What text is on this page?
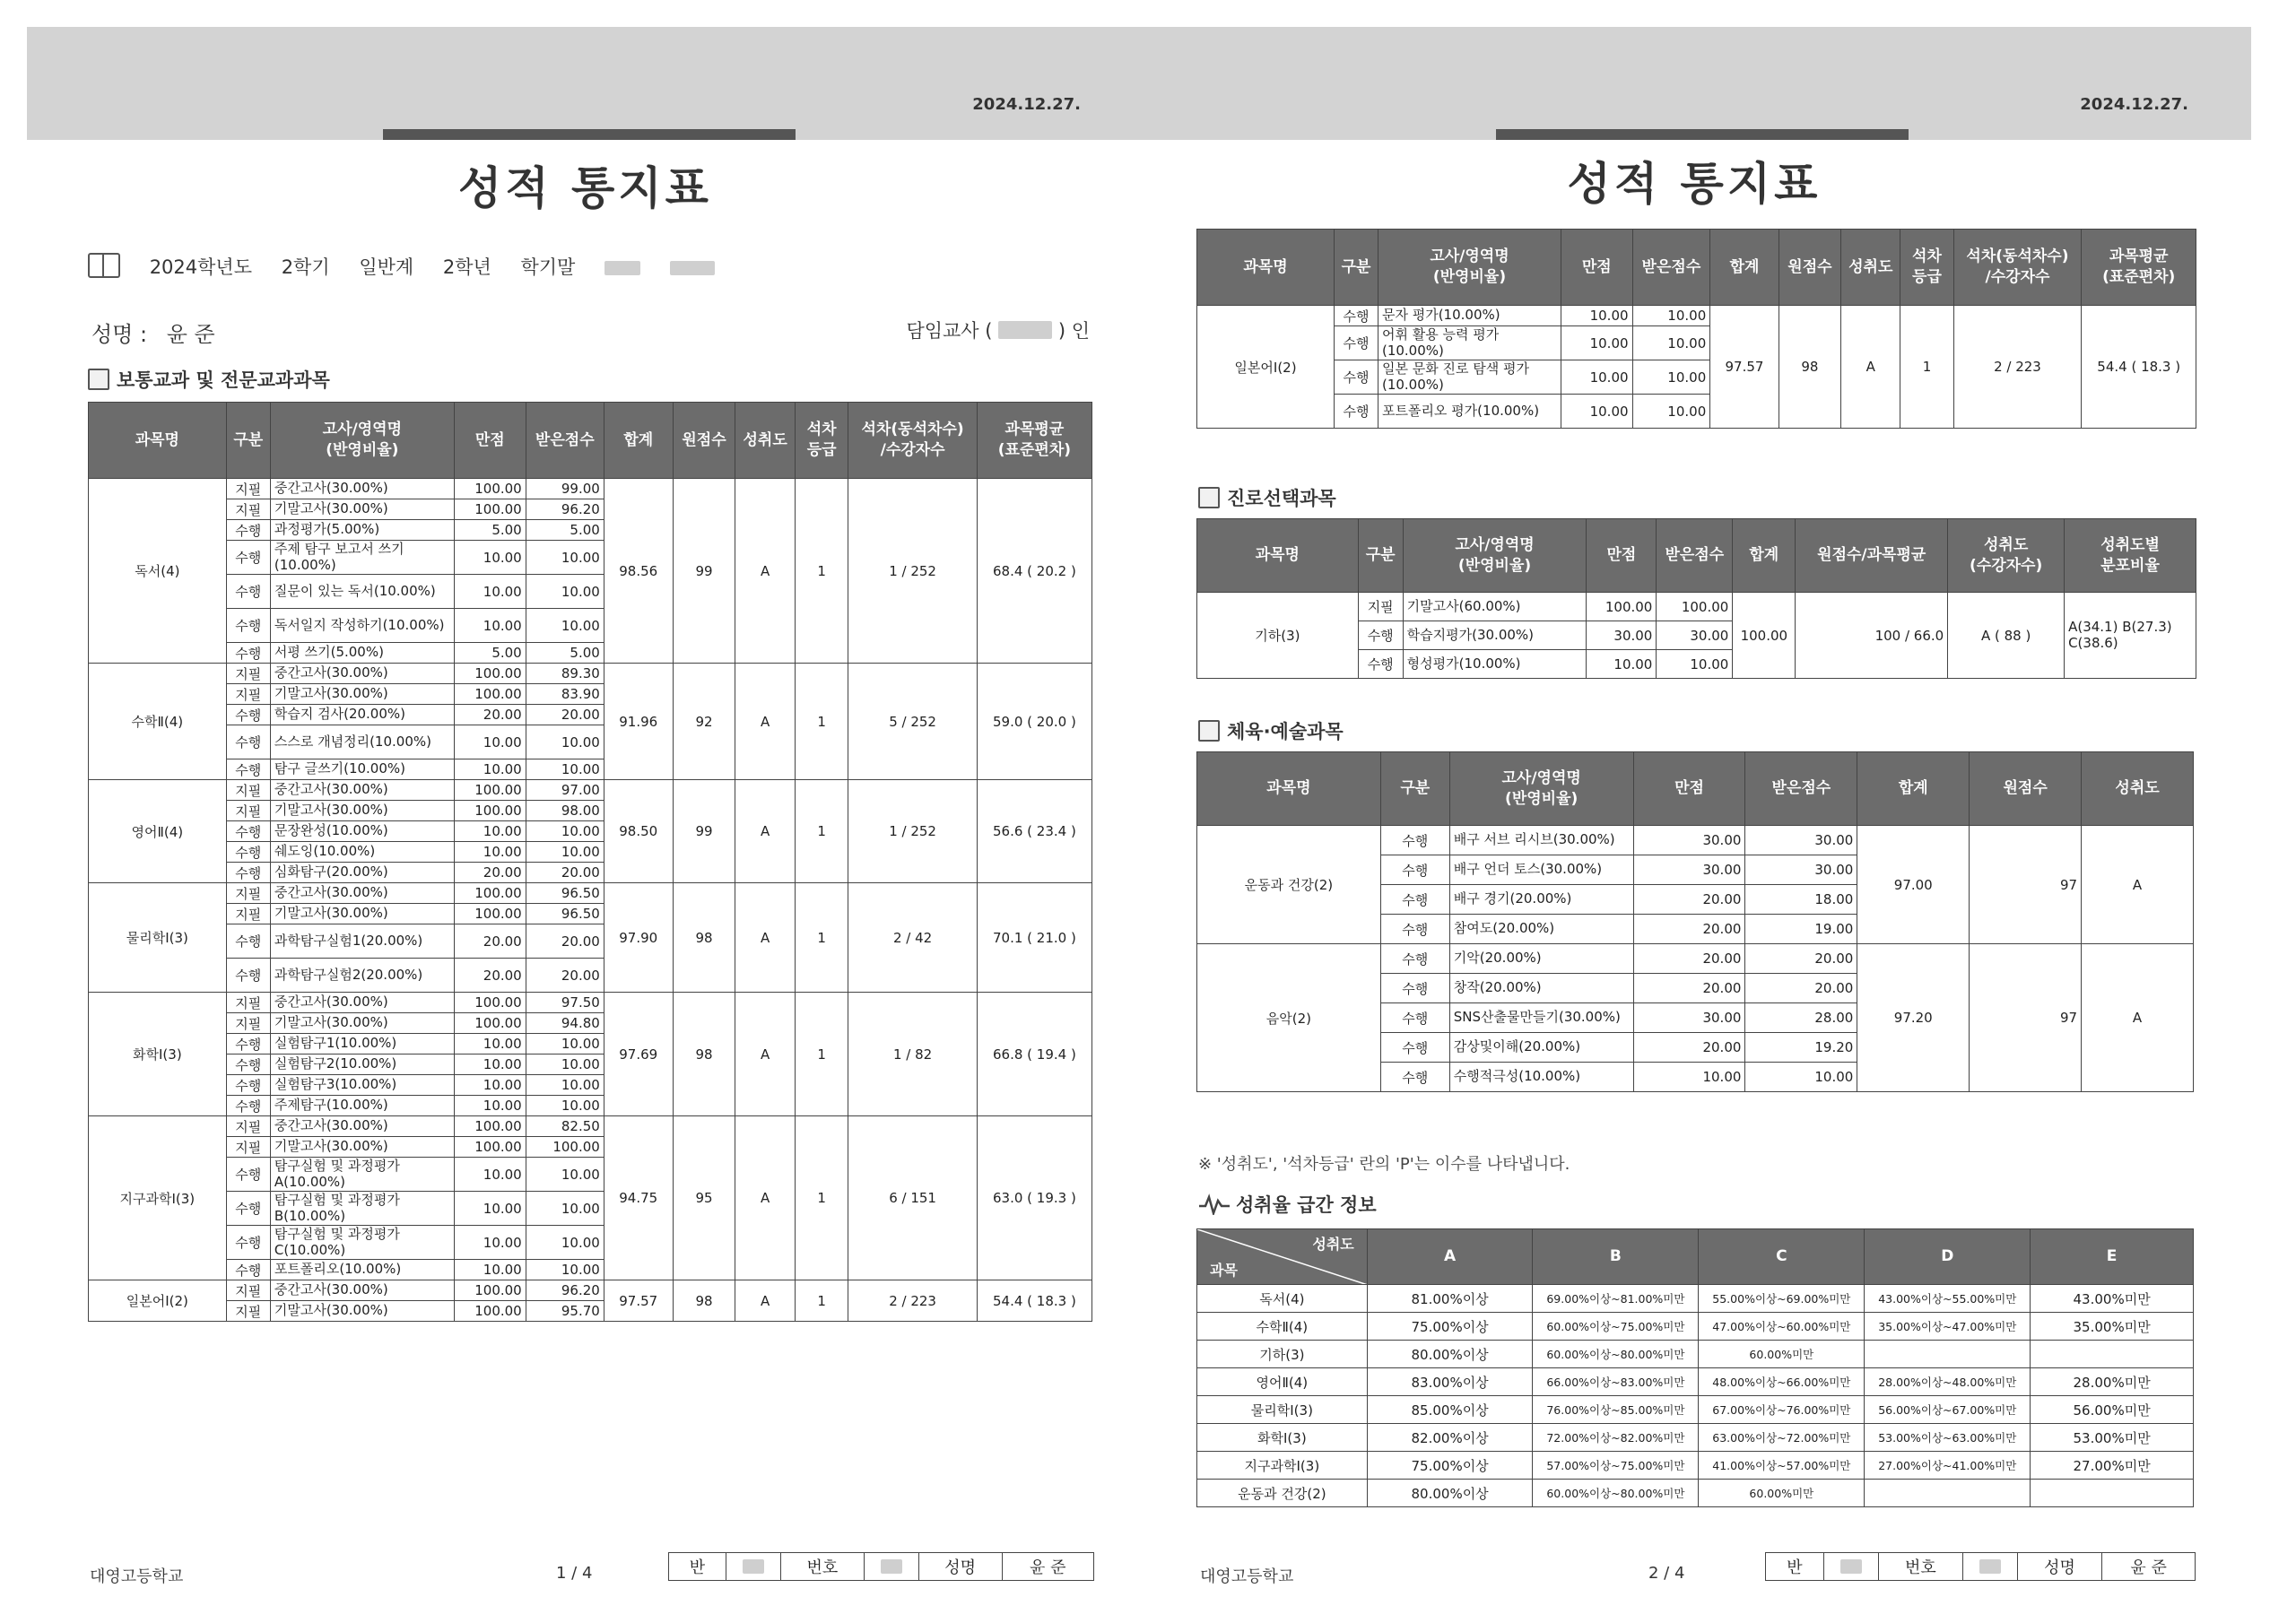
2024.12.27.
성적 통지표
2024학년도 2학기 일반계 2학년 학기말
성명 : 윤 준	담임교사 (	) 인
보통교과 및 전문교과과목
과목명	구분	고사/영역명
(반영비율)	만점	받은점수	합계	원점수	성취도	석차
등급	석차(동석차수)
/수강자수	과목평균
(표준편차)
독서(4)	지필	중간고사(30.00%)	100.00	99.00	98.56	99	A	1	1 / 252	68.4 ( 20.2 )
	지필	기말고사(30.00%)	100.00	96.20						
	수행	과정평가(5.00%)	5.00	5.00						
	수행	주제 탐구 보고서 쓰기(10.00%)	10.00	10.00						
	수행	질문이 있는 독서(10.00%)	10.00	10.00						
	수행	독서일지 작성하기(10.00%)	10.00	10.00						
	수행	서평 쓰기(5.00%)	5.00	5.00						
수학Ⅱ(4)	지필	중간고사(30.00%)	100.00	89.30	91.96	92	A	1	5 / 252	59.0 ( 20.0 )
	지필	기말고사(30.00%)	100.00	83.90						
	수행	학습지 검사(20.00%)	20.00	20.00						
	수행	스스로 개념정리(10.00%)	10.00	10.00						
	수행	탐구 글쓰기(10.00%)	10.00	10.00						
영어Ⅱ(4)	지필	중간고사(30.00%)	100.00	97.00	98.50	99	A	1	1 / 252	56.6 ( 23.4 )
	지필	기말고사(30.00%)	100.00	98.00						
	수행	문장완성(10.00%)	10.00	10.00						
	수행	쉐도잉(10.00%)	10.00	10.00						
	수행	심화탐구(20.00%)	20.00	20.00						
물리학Ⅰ(3)	지필	중간고사(30.00%)	100.00	96.50	97.90	98	A	1	2 / 42	70.1 ( 21.0 )
	지필	기말고사(30.00%)	100.00	96.50						
	수행	과학탐구실험1(20.00%)	20.00	20.00						
	수행	과학탐구실험2(20.00%)	20.00	20.00						
화학Ⅰ(3)	지필	중간고사(30.00%)	100.00	97.50	97.69	98	A	1	1 / 82	66.8 ( 19.4 )
	지필	기말고사(30.00%)	100.00	94.80						
	수행	실험탐구1(10.00%)	10.00	10.00						
	수행	실험탐구2(10.00%)	10.00	10.00						
	수행	실험탐구3(10.00%)	10.00	10.00						
	수행	주제탐구(10.00%)	10.00	10.00						
지구과학Ⅰ(3)	지필	중간고사(30.00%)	100.00	82.50	94.75	95	A	1	6 / 151	63.0 ( 19.3 )
	지필	기말고사(30.00%)	100.00	100.00						
	수행	탐구실험 및 과정평가A(10.00%)	10.00	10.00						
	수행	탐구실험 및 과정평가B(10.00%)	10.00	10.00						
	수행	탐구실험 및 과정평가C(10.00%)	10.00	10.00						
	수행	포트폴리오(10.00%)	10.00	10.00						
일본어Ⅰ(2)	지필	중간고사(30.00%)	100.00	96.20	97.57	98	A	1	2 / 223	54.4 ( 18.3 )
	지필	기말고사(30.00%)	100.00	95.70						
대영고등학교	1 / 4	반		번호		성명	윤 준
2024.12.27.
성적 통지표
과목명	구분	고사/영역명
(반영비율)	만점	받은점수	합계	원점수	성취도	석차
등급	석차(동석차수)
/수강자수	과목평균
(표준편차)
일본어Ⅰ(2)	수행	문자 평가(10.00%)	10.00	10.00	97.57	98	A	1	2 / 223	54.4 ( 18.3 )
	수행	어휘 활용 능력 평가(10.00%)	10.00	10.00						
	수행	일본 문화 진로 탐색 평가(10.00%)	10.00	10.00						
	수행	포트폴리오 평가(10.00%)	10.00	10.00						
진로선택과목
과목명	구분	고사/영역명
(반영비율)	만점	받은점수	합계	원점수/과목평균	성취도
(수강자수)	성취도별
분포비율
기하(3)	지필	기말고사(60.00%)	100.00	100.00	100.00	100 / 66.0	A ( 88 )	A(34.1) B(27.3) C(38.6)
	수행	학습지평가(30.00%)	30.00	30.00				
	수행	형성평가(10.00%)	10.00	10.00				
체육·예술과목
과목명	구분	고사/영역명
(반영비율)	만점	받은점수	합계	원점수	성취도
운동과 건강(2)	수행	배구 서브 리시브(30.00%)	30.00	30.00	97.00	97	A
	수행	배구 언더 토스(30.00%)	30.00	30.00			
	수행	배구 경기(20.00%)	20.00	18.00			
	수행	참여도(20.00%)	20.00	19.00			
음악(2)	수행	기악(20.00%)	20.00	20.00	97.20	97	A
	수행	창작(20.00%)	20.00	20.00			
	수행	SNS산출물만들기(30.00%)	30.00	28.00			
	수행	감상및이해(20.00%)	20.00	19.20			
	수행	수행적극성(10.00%)	10.00	10.00			
※ '성취도', '석차등급' 란의 'P'는 이수를 나타냅니다.
성취율 급간 정보
성취도
과목	A	B	C	D	E
독서(4)	81.00%이상	69.00%이상~81.00%미만	55.00%이상~69.00%미만	43.00%이상~55.00%미만	43.00%미만
수학Ⅱ(4)	75.00%이상	60.00%이상~75.00%미만	47.00%이상~60.00%미만	35.00%이상~47.00%미만	35.00%미만
기하(3)	80.00%이상	60.00%이상~80.00%미만	60.00%미만		
영어Ⅱ(4)	83.00%이상	66.00%이상~83.00%미만	48.00%이상~66.00%미만	28.00%이상~48.00%미만	28.00%미만
물리학Ⅰ(3)	85.00%이상	76.00%이상~85.00%미만	67.00%이상~76.00%미만	56.00%이상~67.00%미만	56.00%미만
화학Ⅰ(3)	82.00%이상	72.00%이상~82.00%미만	63.00%이상~72.00%미만	53.00%이상~63.00%미만	53.00%미만
지구과학Ⅰ(3)	75.00%이상	57.00%이상~75.00%미만	41.00%이상~57.00%미만	27.00%이상~41.00%미만	27.00%미만
운동과 건강(2)	80.00%이상	60.00%이상~80.00%미만	60.00%미만		
대영고등학교	2 / 4	반		번호		성명	윤 준
